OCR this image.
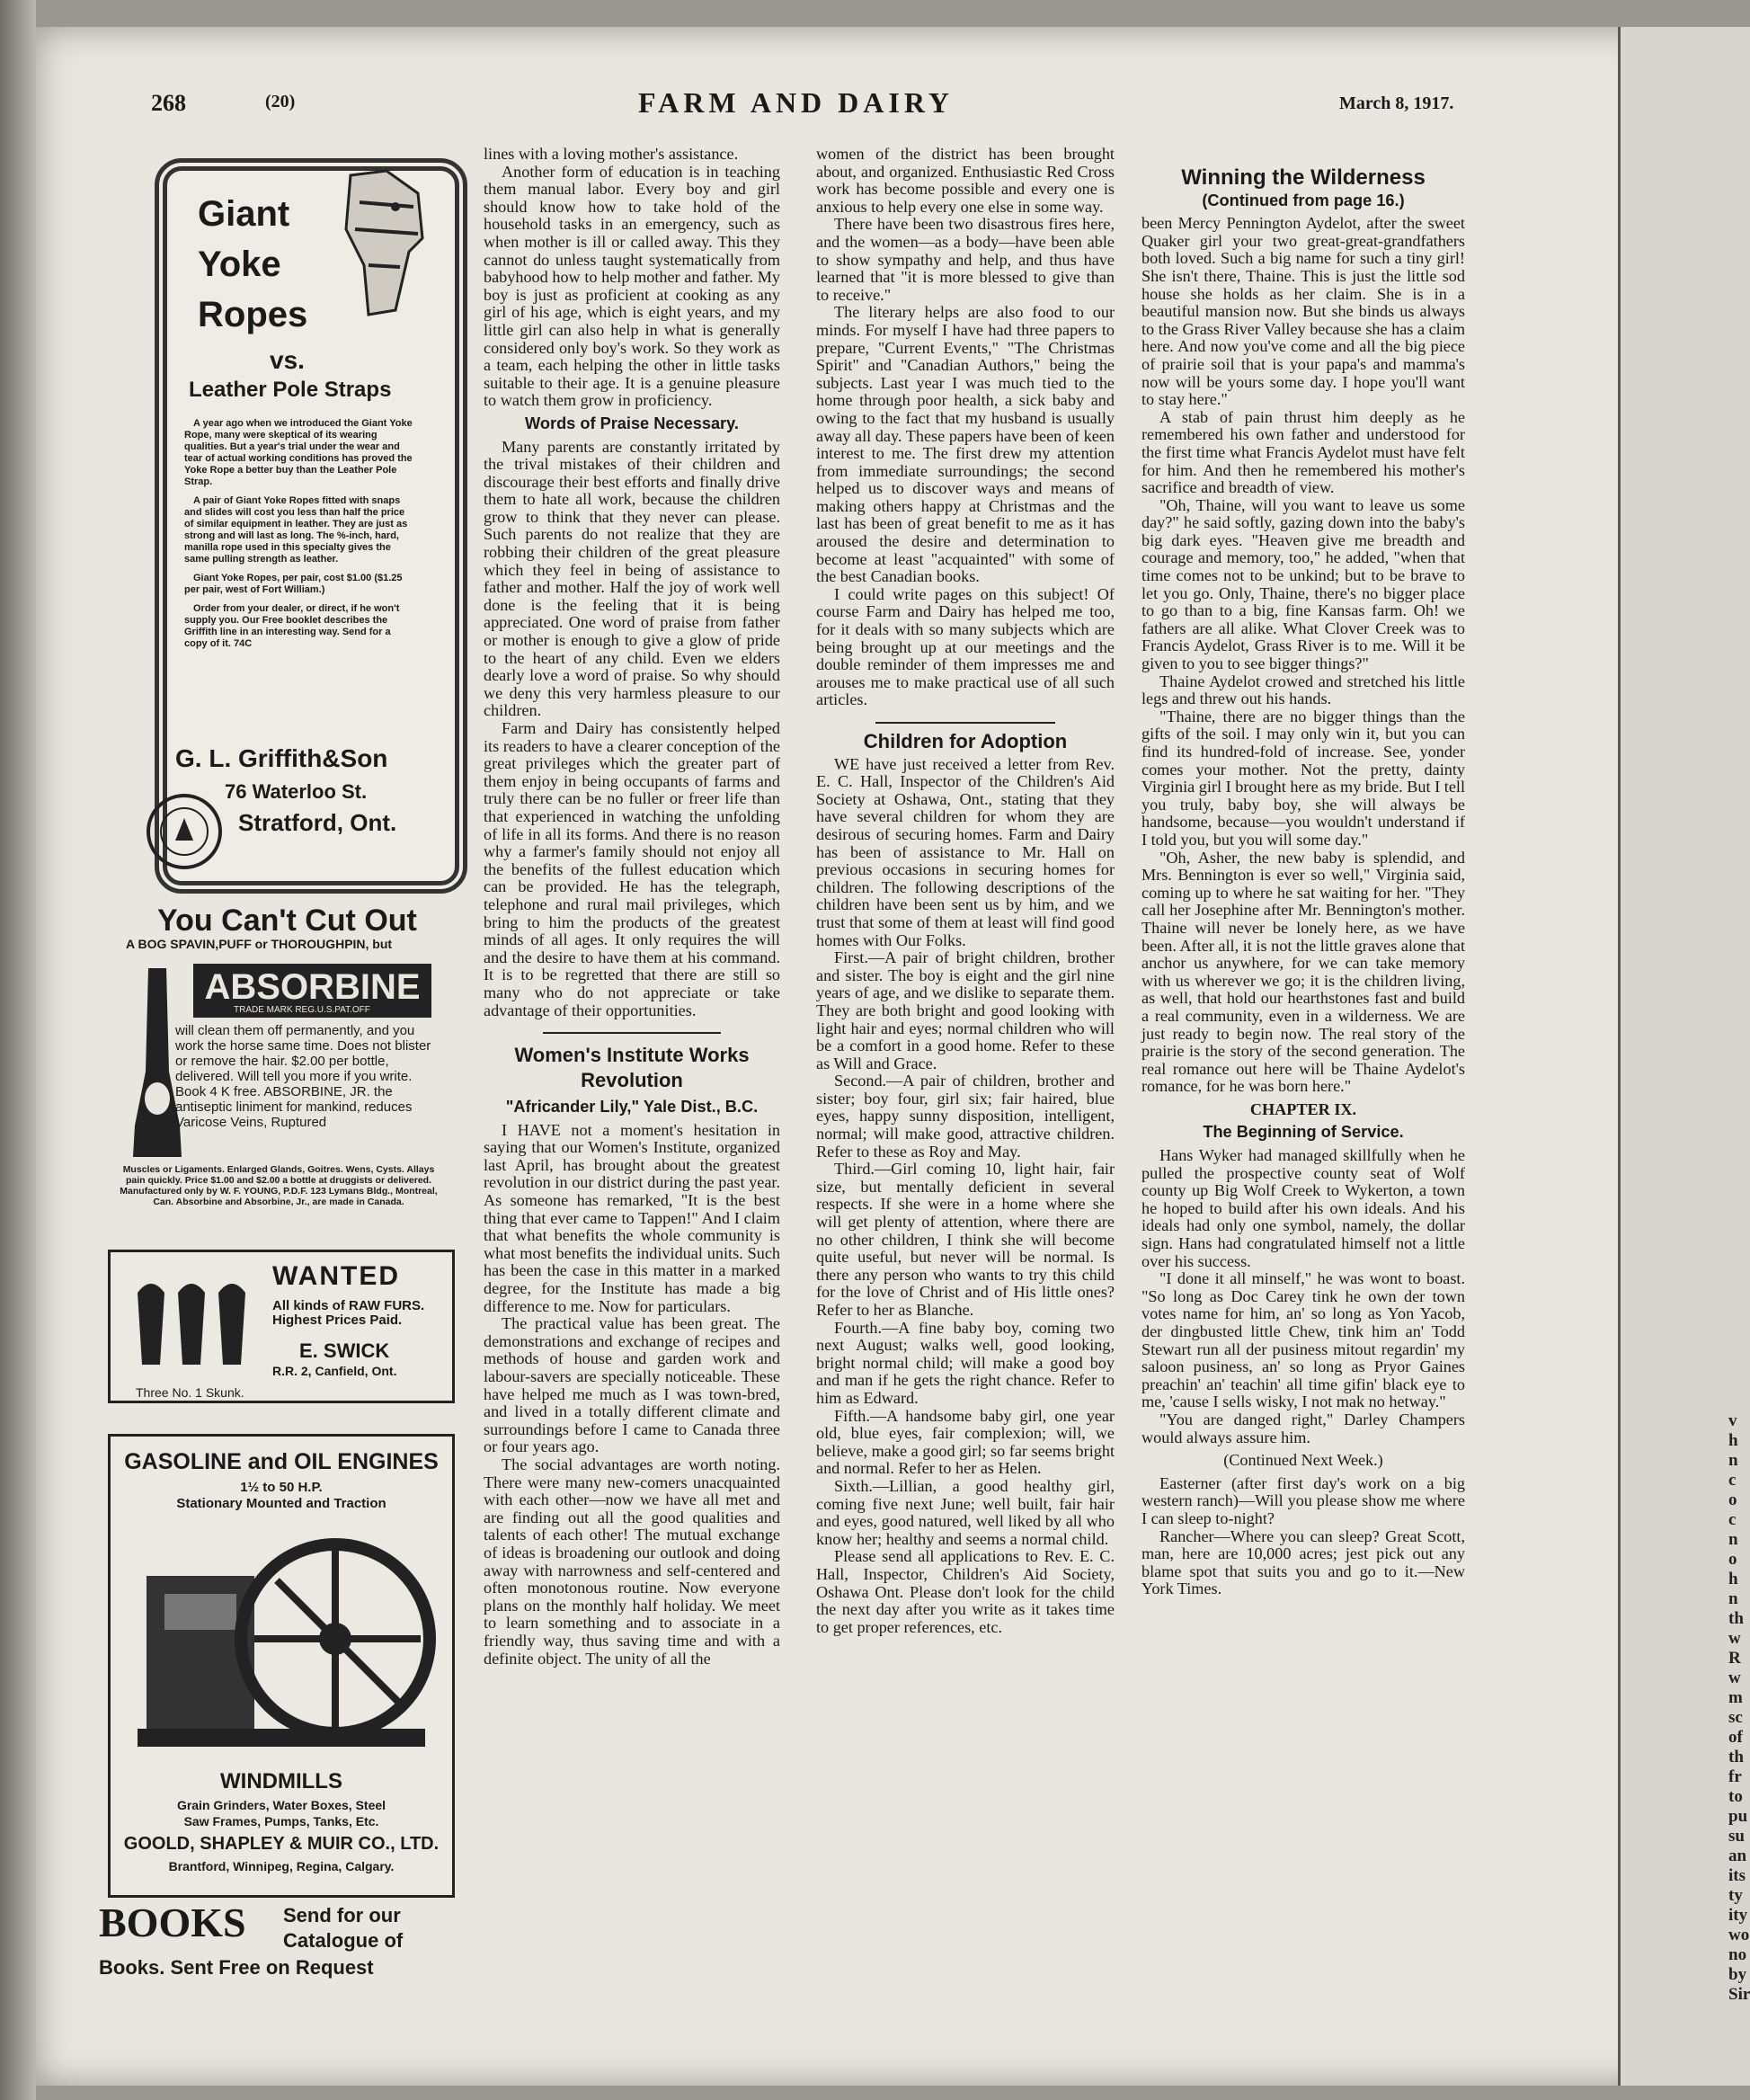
v
h
n
c
o
c
n
o
h
n
th
w
R
w
m
sc
of
th
fr
to
pu
su
an
its
ty
ity
wo
no
by
Sir
268	(20)	FARM AND DAIRY	March 8, 1917.
Giant
Yoke
Ropes
vs.
Leather Pole Straps

A year ago when we introduced the Giant Yoke Rope, many were skeptical of its wearing qualities. But a year's trial under the wear and tear of actual working conditions has proved the Yoke Rope a better buy than the Leather Pole Strap.

A pair of Giant Yoke Ropes fitted with snaps and slides will cost you less than half the price of similar equipment in leather. They are just as strong and will last as long. The %-inch, hard, manilla rope used in this specialty gives the same pulling strength as leather.

Giant Yoke Ropes, per pair, cost $1.00 ($1.25 per pair, west of Fort William.)

Order from your dealer, or direct, if he won't supply you. Our Free booklet describes the Griffith line in an interesting way. Send for a copy of it. 74C

G. L. Griffith&Son
76 Waterloo St.
Stratford, Ont.
You Can't Cut Out
A BOG SPAVIN,PUFF or THOROUGHPIN, but
ABSORBINE
TRADE MARK REG.U.S.PAT.OFF
will clean them off permanently, and you work the horse same time. Does not blister or remove the hair. $2.00 per bottle, delivered. Will tell you more if you write. Book 4 K free. ABSORBINE, JR. the antiseptic liniment for mankind, reduces Varicose Veins, Ruptured
Muscles or Ligaments. Enlarged Glands, Goitres. Wens, Cysts. Allays pain quickly. Price $1.00 and $2.00 a bottle at druggists or delivered. Manufactured only by W. F. YOUNG, P.D.F. 123 Lymans Bldg., Montreal, Can. Absorbine and Absorbine, Jr., are made in Canada.
WANTED
All kinds of RAW FURS. Highest Prices Paid.
E. SWICK
R.R. 2, Canfield, Ont.
Three No. 1 Skunk.
GASOLINE and OIL ENGINES
1½ to 50 H.P.
Stationary Mounted and Traction
WINDMILLS
Grain Grinders, Water Boxes, Steel
Saw Frames, Pumps, Tanks, Etc.
GOOLD, SHAPLEY & MUIR CO., LTD.
Brantford, Winnipeg, Regina, Calgary.
BOOKS Send for our
Catalogue of
Books. Sent Free on Request

lines with a loving mother's assistance.

Another form of education is in teaching them manual labor. Every boy and girl should know how to take hold of the household tasks in an emergency, such as when mother is ill or called away. This they cannot do unless taught systematically from babyhood how to help mother and father. My boy is just as proficient at cooking as any girl of his age, which is eight years, and my little girl can also help in what is generally considered only boy's work. So they work as a team, each helping the other in little tasks suitable to their age. It is a genuine pleasure to watch them grow in proficiency.

Words of Praise Necessary.

Many parents are constantly irritated by the trival mistakes of their children and discourage their best efforts and finally drive them to hate all work, because the children grow to think that they never can please. Such parents do not realize that they are robbing their children of the great pleasure which they feel in being of assistance to father and mother. Half the joy of work well done is the feeling that it is being appreciated. One word of praise from father or mother is enough to give a glow of pride to the heart of any child. Even we elders dearly love a word of praise. So why should we deny this very harmless pleasure to our children.

Farm and Dairy has consistently helped its readers to have a clearer conception of the great privileges which the greater part of them enjoy in being occupants of farms and truly there can be no fuller or freer life than that experienced in watching the unfolding of life in all its forms. And there is no reason why a farmer's family should not enjoy all the benefits of the fullest education which can be provided. He has the telegraph, telephone and rural mail privileges, which bring to him the products of the greatest minds of all ages. It only requires the will and the desire to have them at his command. It is to be regretted that there are still so many who do not appreciate or take advantage of their opportunities.

Women's Institute Works Revolution
"Africander Lily," Yale Dist., B.C.

I HAVE not a moment's hesitation in saying that our Women's Institute, organized last April, has brought about the greatest revolution in our district during the past year. As someone has remarked, "It is the best thing that ever came to Tappen!" And I claim that what benefits the whole community is what most benefits the individual units. Such has been the case in this matter in a marked degree, for the Institute has made a big difference to me. Now for particulars.

The practical value has been great. The demonstrations and exchange of recipes and methods of house and garden work and labour-savers are specially noticeable. These have helped me much as I was town-bred, and lived in a totally different climate and surroundings before I came to Canada three or four years ago.

The social advantages are worth noting. There were many new-comers unacquainted with each other—now we have all met and are finding out all the good qualities and talents of each other! The mutual exchange of ideas is broadening our outlook and doing away with narrowness and self-centered and often monotonous routine. Now everyone plans on the monthly half holiday. We meet to learn something and to associate in a friendly way, thus saving time and with a definite object. The unity of all the

women of the district has been brought about, and organized. Enthusiastic Red Cross work has become possible and every one is anxious to help every one else in some way.

There have been two disastrous fires here, and the women—as a body—have been able to show sympathy and help, and thus have learned that "it is more blessed to give than to receive."

The literary helps are also food to our minds. For myself I have had three papers to prepare, "Current Events," "The Christmas Spirit" and "Canadian Authors," being the subjects. Last year I was much tied to the home through poor health, a sick baby and owing to the fact that my husband is usually away all day. These papers have been of keen interest to me. The first drew my attention from immediate surroundings; the second helped us to discover ways and means of making others happy at Christmas and the last has been of great benefit to me as it has aroused the desire and determination to become at least "acquainted" with some of the best Canadian books.

I could write pages on this subject! Of course Farm and Dairy has helped me too, for it deals with so many subjects which are being brought up at our meetings and the double reminder of them impresses me and arouses me to make practical use of all such articles.

Children for Adoption

WE have just received a letter from Rev. E. C. Hall, Inspector of the Children's Aid Society at Oshawa, Ont., stating that they have several children for whom they are desirous of securing homes. Farm and Dairy has been of assistance to Mr. Hall on previous occasions in securing homes for children. The following descriptions of the children have been sent us by him, and we trust that some of them at least will find good homes with Our Folks.

First.—A pair of bright children, brother and sister. The boy is eight and the girl nine years of age, and we dislike to separate them. They are both bright and good looking with light hair and eyes; normal children who will be a comfort in a good home. Refer to these as Will and Grace.

Second.—A pair of children, brother and sister; boy four, girl six; fair haired, blue eyes, happy sunny disposition, intelligent, normal; will make good, attractive children. Refer to these as Roy and May.

Third.—Girl coming 10, light hair, fair size, but mentally deficient in several respects. If she were in a home where she will get plenty of attention, where there are no other children, I think she will become quite useful, but never will be normal. Is there any person who wants to try this child for the love of Christ and of His little ones? Refer to her as Blanche.

Fourth.—A fine baby boy, coming two next August; walks well, good looking, bright normal child; will make a good boy and man if he gets the right chance. Refer to him as Edward.

Fifth.—A handsome baby girl, one year old, blue eyes, fair complexion; will, we believe, make a good girl; so far seems bright and normal. Refer to her as Helen.

Sixth.—Lillian, a good healthy girl, coming five next June; well built, fair hair and eyes, good natured, well liked by all who know her; healthy and seems a normal child.

Please send all applications to Rev. E. C. Hall, Inspector, Children's Aid Society, Oshawa Ont. Please don't look for the child the next day after you write as it takes time to get proper references, etc.

Winning the Wilderness
(Continued from page 16.)

been Mercy Pennington Aydelot, after the sweet Quaker girl your two great-great-grandfathers both loved. Such a big name for such a tiny girl! She isn't there, Thaine. This is just the little sod house she holds as her claim. She is in a beautiful mansion now. But she binds us always to the Grass River Valley because she has a claim here. And now you've come and all the big piece of prairie soil that is your papa's and mamma's now will be yours some day. I hope you'll want to stay here."

A stab of pain thrust him deeply as he remembered his own father and understood for the first time what Francis Aydelot must have felt for him. And then he remembered his mother's sacrifice and breadth of view.

"Oh, Thaine, will you want to leave us some day?" he said softly, gazing down into the baby's big dark eyes. "Heaven give me breadth and courage and memory, too," he added, "when that time comes not to be unkind; but to be brave to let you go. Only, Thaine, there's no bigger place to go than to a big, fine Kansas farm. Oh! we fathers are all alike. What Clover Creek was to Francis Aydelot, Grass River is to me. Will it be given to you to see bigger things?"

Thaine Aydelot crowed and stretched his little legs and threw out his hands.

"Thaine, there are no bigger things than the gifts of the soil. I may only win it, but you can find its hundred-fold of increase. See, yonder comes your mother. Not the pretty, dainty Virginia girl I brought here as my bride. But I tell you truly, baby boy, she will always be handsome, because—you wouldn't understand if I told you, but you will some day."

"Oh, Asher, the new baby is splendid, and Mrs. Bennington is ever so well," Virginia said, coming up to where he sat waiting for her. "They call her Josephine after Mr. Bennington's mother. Thaine will never be lonely here, as we have been. After all, it is not the little graves alone that anchor us anywhere, for we can take memory with us wherever we go; it is the children living, as well, that hold our hearthstones fast and build a real community, even in a wilderness. We are just ready to begin now. The real story of the prairie is the story of the second generation. The real romance out here will be Thaine Aydelot's romance, for he was born here."

CHAPTER IX.
The Beginning of Service.

Hans Wyker had managed skillfully when he pulled the prospective county seat of Wolf county up Big Wolf Creek to Wykerton, a town he hoped to build after his own ideals. And his ideals had only one symbol, namely, the dollar sign. Hans had congratulated himself not a little over his success.

"I done it all minself," he was wont to boast. "So long as Doc Carey tink he own der town votes name for him, an' so long as Yon Yacob, der dingbusted little Chew, tink him an' Todd Stewart run all der pusiness mitout regardin' my saloon pusiness, an' so long as Pryor Gaines preachin' an' teachin' all time gifin' black eye to me, 'cause I sells wisky, I not mak no hetway."

"You are danged right," Darley Champers would always assure him.

(Continued Next Week.)

Easterner (after first day's work on a big western ranch)—Will you please show me where I can sleep to-night?

Rancher—Where you can sleep? Great Scott, man, here are 10,000 acres; jest pick out any blame spot that suits you and go to it.—New York Times.
